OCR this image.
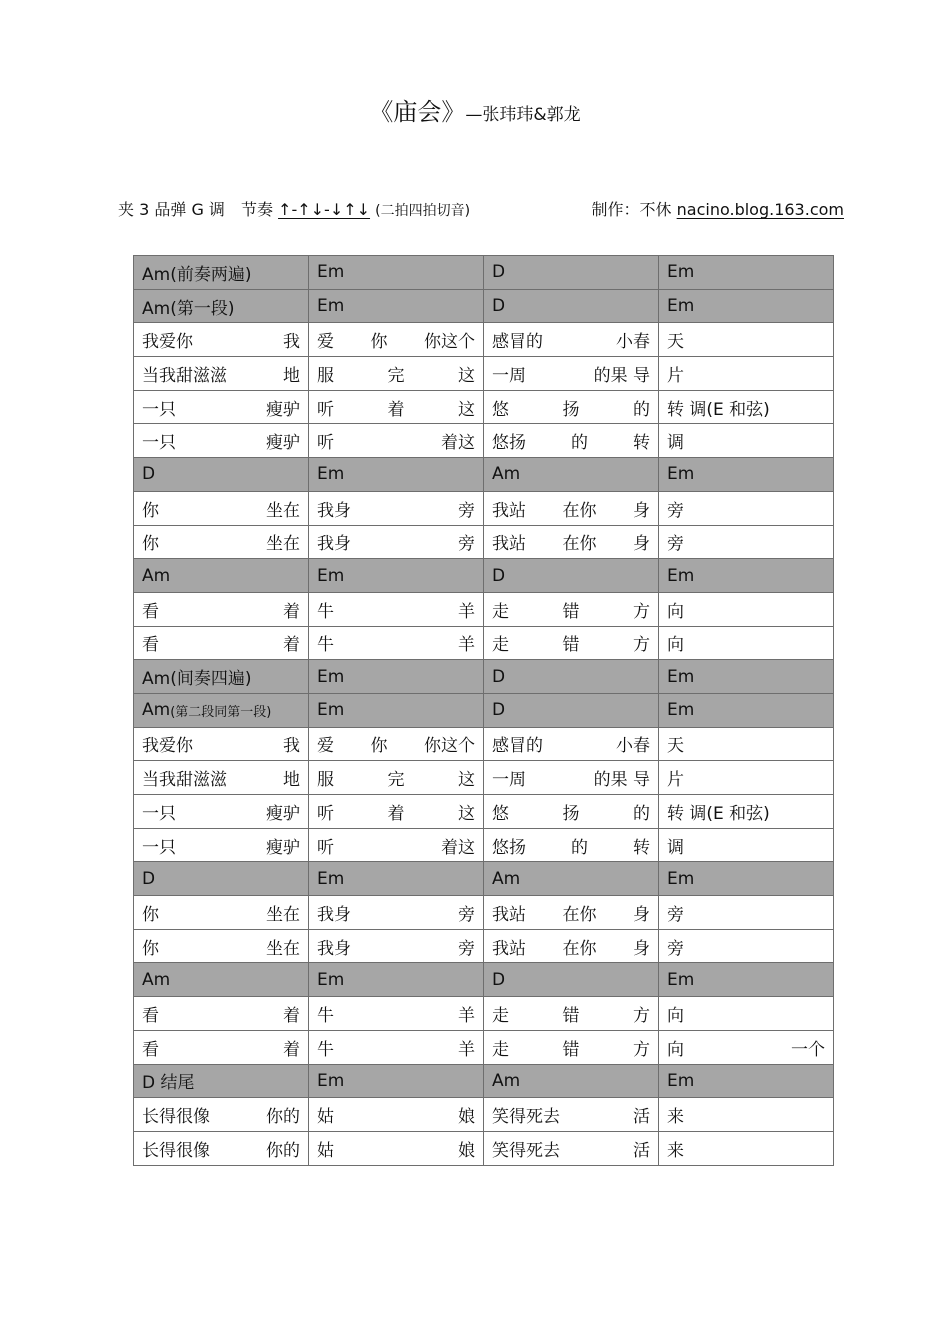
《庙会》—张玮玮&郭龙
夹 3 品弹 G 调 节奏 ↑-↑↓-↓↑↓ (二拍四拍切音)	制作：不休 nacino.blog.163.com
Am(前奏两遍)	Em	D	Em

Am(第一段)	Em	D	Em

我爱你 我	爱 你 你这个	感冒的 小春	天

当我甜滋滋 地	服 完 这	一周 的果 导	片

一只 瘦驴	听 着 这	悠 扬 的	转 调(E 和弦)

一只 瘦驴	听 着这	悠扬 的 转	调

D	Em	Am	Em

你 坐在	我身 旁	我站 在你 身	旁

你 坐在	我身 旁	我站 在你 身	旁

Am	Em	D	Em

看 着	牛 羊	走 错 方	向

看 着	牛 羊	走 错 方	向

Am(间奏四遍)	Em	D	Em

Am (第二段同第一段)	Em	D	Em

我爱你 我	爱 你 你这个	感冒的 小春	天

当我甜滋滋 地	服 完 这	一周 的果 导	片

一只 瘦驴	听 着 这	悠 扬 的	转 调(E 和弦)

一只 瘦驴	听 着这	悠扬 的 转	调

D	Em	Am	Em

你 坐在	我身 旁	我站 在你 身	旁

你 坐在	我身 旁	我站 在你 身	旁

Am	Em	D	Em

看 着	牛 羊	走 错 方	向

看 着	牛 羊	走 错 方	向 一个

D 结尾	Em	Am	Em

长得很像 你的	姑 娘	笑得死去 活	来

长得很像 你的	姑 娘	笑得死去 活	来
